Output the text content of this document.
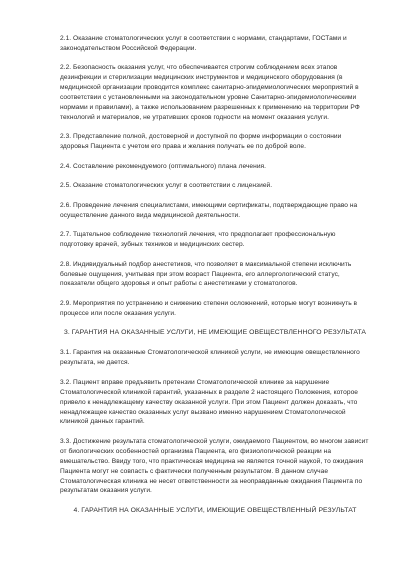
2.1. Оказание стоматологических услуг в соответствии с нормами, стандартами, ГОСТами и законодательством Российской Федерации.

2.2. Безопасность оказания услуг, что обеспечивается строгим соблюдением всех этапов дезинфекции и стерилизации медицинских инструментов и медицинского оборудования (в медицинской организации проводится комплекс санитарно-эпидемиологических мероприятий в соответствии с установленными на законодательном уровне Санитарно-эпидемиологическими нормами и правилами), а также использованием разрешенных к применению на территории РФ технологий и материалов, не утративших сроков годности на момент оказания услуги.

2.3. Представление полной, достоверной и доступной по форме информации о состоянии здоровья Пациента с учетом его права и желания получать ее по доброй воле.

2.4. Составление рекомендуемого (оптимального) плана лечения.

2.5. Оказание стоматологических услуг в соответствии с лицензией.

2.6. Проведение лечения специалистами, имеющими сертификаты, подтверждающие право на осуществление данного вида медицинской деятельности.

2.7. Тщательное соблюдение технологий лечения, что предполагает профессиональную подготовку врачей, зубных техников и медицинских сестер.

2.8. Индивидуальный подбор анестетиков, что позволяет в максимальной степени исключить болевые ощущения, учитывая при этом возраст Пациента, его аллергологический статус, показатели общего здоровья и опыт работы с анестетиками у стоматологов.

2.9. Мероприятия по устранению и снижению степени осложнений, которые могут возникнуть в процессе или после оказания услуги.

3. ГАРАНТИЯ НА ОКАЗАННЫЕ УСЛУГИ, НЕ ИМЕЮЩИЕ ОВЕЩЕСТВЛЕННОГО РЕЗУЛЬТАТА

3.1. Гарантия на оказанные Стоматологической клиникой услуги, не имеющие овеществленного результата, не дается.

3.2. Пациент вправе предъявить претензии Стоматологической клинике за нарушение Стоматологической клиникой гарантий, указанных в разделе 2 настоящего Положения, которое привело к ненадлежащему качеству оказанной услуги. При этом Пациент должен доказать, что ненадлежащее качество оказанных услуг вызвано именно нарушением Стоматологической клиникой данных гарантий.

3.3. Достижение результата стоматологической услуги, ожидаемого Пациентом, во многом зависит от биологических особенностей организма Пациента, его физиологической реакции на вмешательство. Ввиду того, что практическая медицина не является точной наукой, то ожидания Пациента могут не совпасть с фактически полученным результатом. В данном случае Стоматологическая клиника не несет ответственности за неоправданные ожидания Пациента по результатам оказания услуги.

4. ГАРАНТИЯ НА ОКАЗАННЫЕ УСЛУГИ, ИМЕЮЩИЕ ОВЕЩЕСТВЛЕННЫЙ РЕЗУЛЬТАТ
